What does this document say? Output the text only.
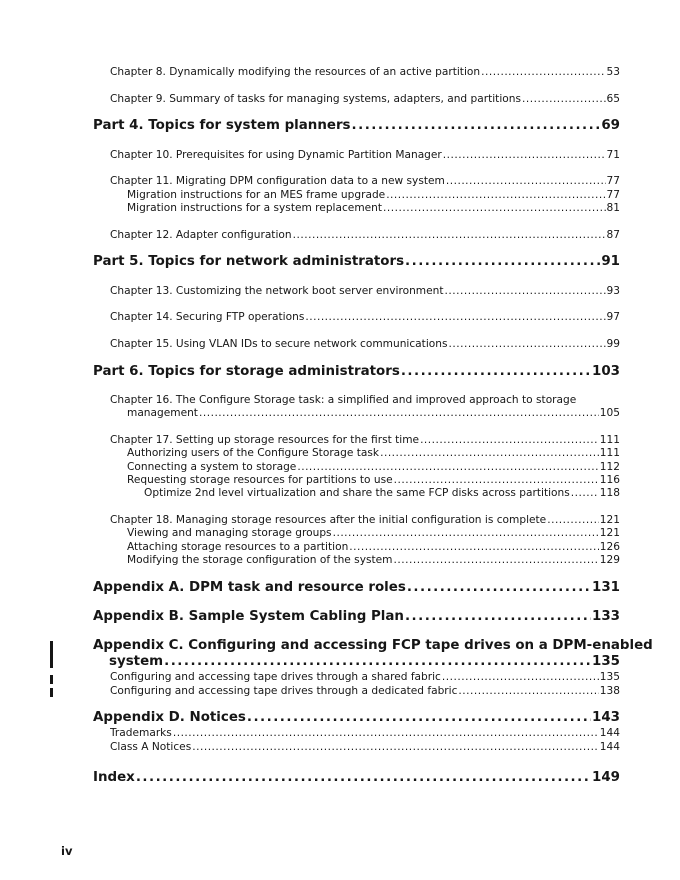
Chapter 8. Dynamically modifying the resources of an active partition .....	53
Chapter 9. Summary of tasks for managing systems, adapters, and partitions .....	65
Part 4. Topics for system planners .....	69
Chapter 10. Prerequisites for using Dynamic Partition Manager .....	71
Chapter 11. Migrating DPM configuration data to a new system .....	77
Migration instructions for an MES frame upgrade .....	77
Migration instructions for a system replacement .....	81
Chapter 12. Adapter configuration .....	87
Part 5. Topics for network administrators .....	91
Chapter 13. Customizing the network boot server environment .....	93
Chapter 14. Securing FTP operations .....	97
Chapter 15. Using VLAN IDs to secure network communications .....	99
Part 6. Topics for storage administrators .....	103
Chapter 16. The Configure Storage task: a simplified and improved approach to storage
management .....	105
Chapter 17. Setting up storage resources for the first time .....	111
Authorizing users of the Configure Storage task .....	111
Connecting a system to storage .....	112
Requesting storage resources for partitions to use .....	116
Optimize 2nd level virtualization and share the same FCP disks across partitions .....	118
Chapter 18. Managing storage resources after the initial configuration is complete .....	121
Viewing and managing storage groups .....	121
Attaching storage resources to a partition .....	126
Modifying the storage configuration of the system .....	129
Appendix A. DPM task and resource roles .....	131
Appendix B. Sample System Cabling Plan .....	133
Appendix C. Configuring and accessing FCP tape drives on a DPM-enabled
system .....	135
Configuring and accessing tape drives through a shared fabric .....	135
Configuring and accessing tape drives through a dedicated fabric .....	138
Appendix D. Notices .....	143
Trademarks .....	144
Class A Notices .....	144
Index .....	149
iv
